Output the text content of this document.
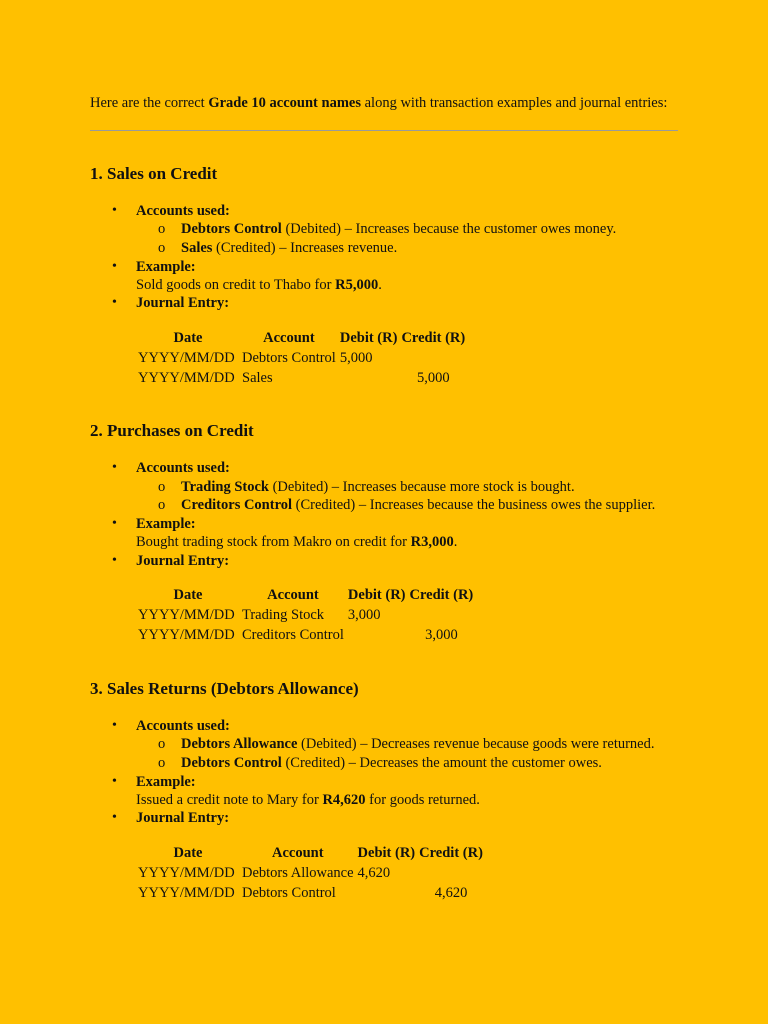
Here are the correct Grade 10 account names along with transaction examples and journal entries:

1. Sales on Credit
• Accounts used:
o Debtors Control (Debited) – Increases because the customer owes money.
o Sales (Credited) – Increases revenue.
• Example:
Sold goods on credit to Thabo for R5,000.
• Journal Entry:
Date	Account	Debit (R)	Credit (R)
YYYY/MM/DD	Debtors Control	5,000	
YYYY/MM/DD	Sales		5,000
2. Purchases on Credit
• Accounts used:
o Trading Stock (Debited) – Increases because more stock is bought.
o Creditors Control (Credited) – Increases because the business owes the supplier.
• Example:
Bought trading stock from Makro on credit for R3,000.
• Journal Entry:
Date	Account	Debit (R)	Credit (R)
YYYY/MM/DD	Trading Stock	3,000	
YYYY/MM/DD	Creditors Control		3,000
3. Sales Returns (Debtors Allowance)
• Accounts used:
o Debtors Allowance (Debited) – Decreases revenue because goods were returned.
o Debtors Control (Credited) – Decreases the amount the customer owes.
• Example:
Issued a credit note to Mary for R4,620 for goods returned.
• Journal Entry:
Date	Account	Debit (R)	Credit (R)
YYYY/MM/DD	Debtors Allowance	4,620	
YYYY/MM/DD	Debtors Control		4,620
